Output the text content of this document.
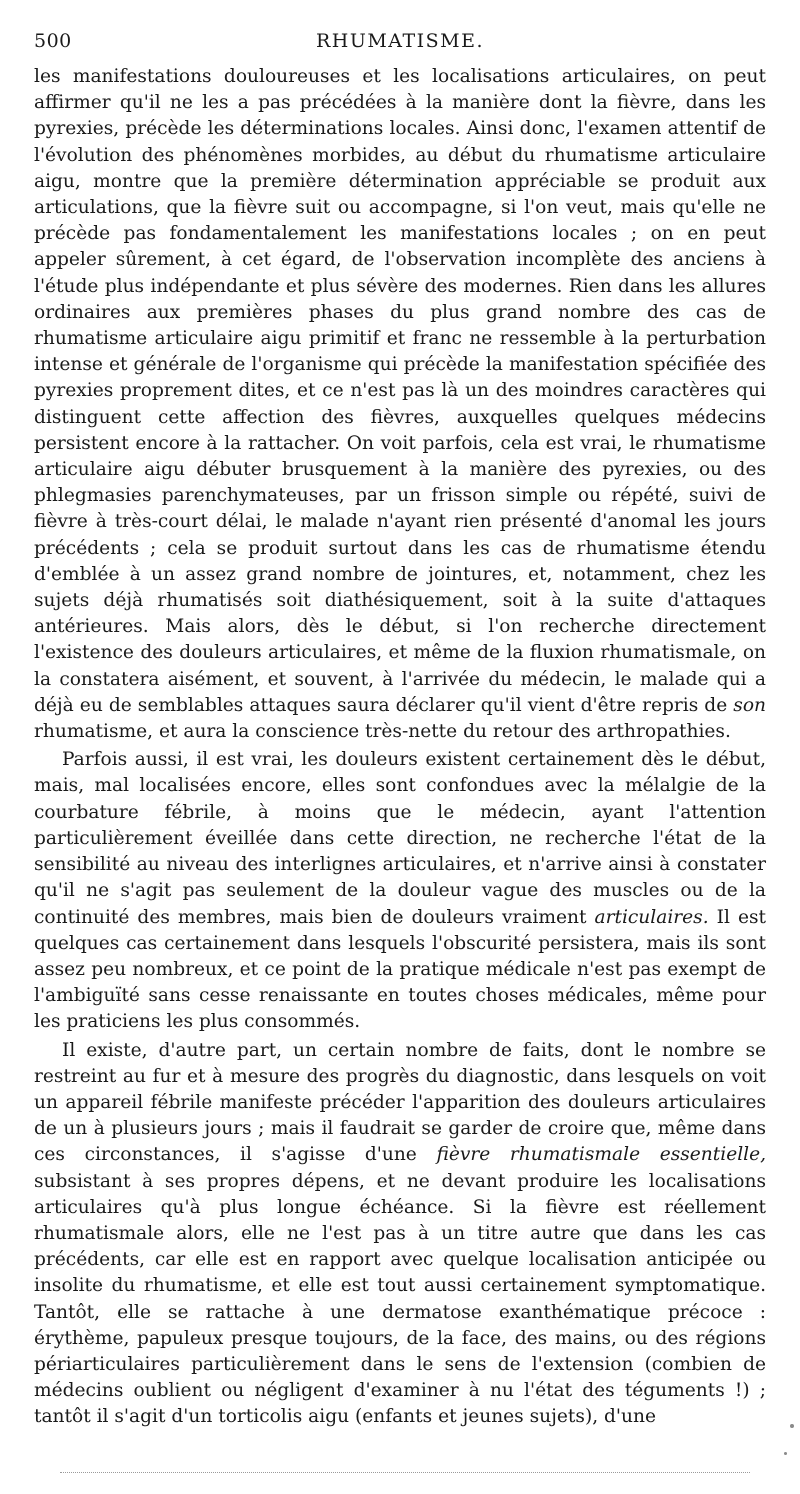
500	RHUMATISME.

les manifestations douloureuses et les localisations articulaires, on peut affirmer qu'il ne les a pas précédées à la manière dont la fièvre, dans les pyrexies, précède les déterminations locales. Ainsi donc, l'examen attentif de l'évolution des phénomènes morbides, au début du rhumatisme articulaire aigu, montre que la première détermination appréciable se produit aux articulations, que la fièvre suit ou accompagne, si l'on veut, mais qu'elle ne précède pas fondamentalement les manifestations locales ; on en peut appeler sûrement, à cet égard, de l'observation incomplète des anciens à l'étude plus indépendante et plus sévère des modernes. Rien dans les allures ordinaires aux premières phases du plus grand nombre des cas de rhumatisme articulaire aigu primitif et franc ne ressemble à la perturbation intense et générale de l'organisme qui précède la manifestation spécifiée des pyrexies proprement dites, et ce n'est pas là un des moindres caractères qui distinguent cette affection des fièvres, auxquelles quelques médecins persistent encore à la rattacher. On voit parfois, cela est vrai, le rhumatisme articulaire aigu débuter brusquement à la manière des pyrexies, ou des phlegmasies parenchymateuses, par un frisson simple ou répété, suivi de fièvre à très-court délai, le malade n'ayant rien présenté d'anomal les jours précédents ; cela se produit surtout dans les cas de rhumatisme étendu d'emblée à un assez grand nombre de jointures, et, notamment, chez les sujets déjà rhumatisés soit diathésiquement, soit à la suite d'attaques antérieures. Mais alors, dès le début, si l'on recherche directement l'existence des douleurs articulaires, et même de la fluxion rhumatismale, on la constatera aisément, et souvent, à l'arrivée du médecin, le malade qui a déjà eu de semblables attaques saura déclarer qu'il vient d'être repris de son rhumatisme, et aura la conscience très-nette du retour des arthropathies.

Parfois aussi, il est vrai, les douleurs existent certainement dès le début, mais, mal localisées encore, elles sont confondues avec la mélalgie de la courbature fébrile, à moins que le médecin, ayant l'attention particulièrement éveillée dans cette direction, ne recherche l'état de la sensibilité au niveau des interlignes articulaires, et n'arrive ainsi à constater qu'il ne s'agit pas seulement de la douleur vague des muscles ou de la continuité des membres, mais bien de douleurs vraiment articulaires. Il est quelques cas certainement dans lesquels l'obscurité persistera, mais ils sont assez peu nombreux, et ce point de la pratique médicale n'est pas exempt de l'ambiguïté sans cesse renaissante en toutes choses médicales, même pour les praticiens les plus consommés.

Il existe, d'autre part, un certain nombre de faits, dont le nombre se restreint au fur et à mesure des progrès du diagnostic, dans lesquels on voit un appareil fébrile manifeste précéder l'apparition des douleurs articulaires de un à plusieurs jours ; mais il faudrait se garder de croire que, même dans ces circonstances, il s'agisse d'une fièvre rhumatismale essentielle, subsistant à ses propres dépens, et ne devant produire les localisations articulaires qu'à plus longue échéance. Si la fièvre est réellement rhumatismale alors, elle ne l'est pas à un titre autre que dans les cas précédents, car elle est en rapport avec quelque localisation anticipée ou insolite du rhumatisme, et elle est tout aussi certainement symptomatique. Tantôt, elle se rattache à une dermatose exanthématique précoce : érythème, papuleux presque toujours, de la face, des mains, ou des régions périarticulaires particulièrement dans le sens de l'extension (combien de médecins oublient ou négligent d'examiner à nu l'état des téguments !) ; tantôt il s'agit d'un torticolis aigu (enfants et jeunes sujets), d'une
